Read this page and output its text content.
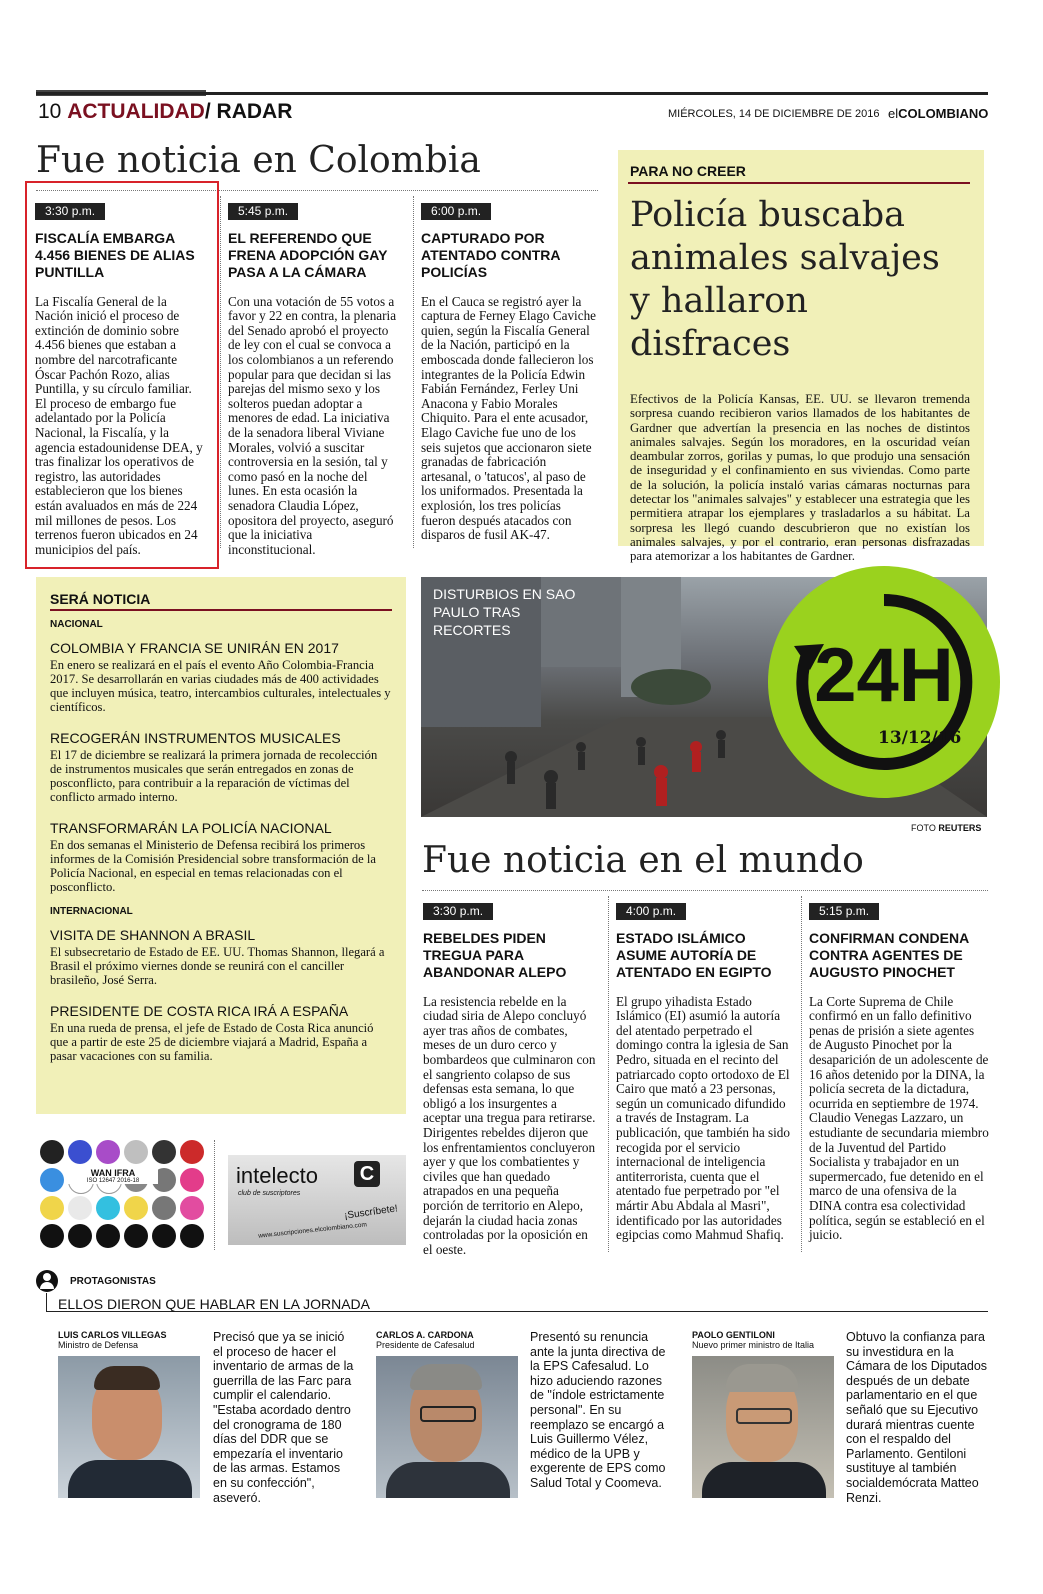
10 ACTUALIDAD/ RADAR	MIÉRCOLES, 14 DE DICIEMBRE DE 2016 elCOLOMBIANO
Fue noticia en Colombia
3:30 p.m.
FISCALÍA EMBARGA 4.456 BIENES DE ALIAS PUNTILLA

La Fiscalía General de la Nación inició el proceso de extinción de dominio sobre 4.456 bienes que estaban a nombre del narcotraficante Óscar Pachón Rozo, alias Puntilla, y su círculo familiar. El proceso de embargo fue adelantado por la Policía Nacional, la Fiscalía, y la agencia estadounidense DEA, y tras finalizar los operativos de registro, las autoridades establecieron que los bienes están avaluados en más de 224 mil millones de pesos. Los terrenos fueron ubicados en 24 municipios del país.

5:45 p.m.
EL REFERENDO QUE FRENA ADOPCIÓN GAY PASA A LA CÁMARA

Con una votación de 55 votos a favor y 22 en contra, la plenaria del Senado aprobó el proyecto de ley con el cual se convoca a los colombianos a un referendo popular para que decidan si las parejas del mismo sexo y los solteros puedan adoptar a menores de edad. La iniciativa de la senadora liberal Viviane Morales, volvió a suscitar controversia en la sesión, tal y como pasó en la noche del lunes. En esta ocasión la senadora Claudia López, opositora del proyecto, aseguró que la iniciativa inconstitucional.

6:00 p.m.
CAPTURADO POR ATENTADO CONTRA POLICÍAS

En el Cauca se registró ayer la captura de Ferney Elago Caviche quien, según la Fiscalía General de la Nación, participó en la emboscada donde fallecieron los integrantes de la Policía Edwin Fabián Fernández, Ferley Uni Anacona y Fabio Morales Chiquito. Para el ente acusador, Elago Caviche fue uno de los seis sujetos que accionaron siete granadas de fabricación artesanal, o 'tatucos', al paso de los uniformados. Presentada la explosión, los tres policías fueron después atacados con disparos de fusil AK-47.

PARA NO CREER
Policía buscaba animales salvajes y hallaron disfraces
Efectivos de la Policía Kansas, EE. UU. se llevaron tremenda sorpresa cuando recibieron varios llamados de los habitantes de Gardner que advertían la presencia en las noches de distintos animales salvajes. Según los moradores, en la oscuridad veían deambular zorros, gorilas y pumas, lo que produjo una sensación de inseguridad y el confinamiento en sus viviendas. Como parte de la solución, la policía instaló varias cámaras nocturnas para detectar los "animales salvajes" y establecer una estrategia que les permitiera atrapar los ejemplares y trasladarlos a su hábitat. La sorpresa les llegó cuando descubrieron que no existían los animales salvajes, y por el contrario, eran personas disfrazadas para atemorizar a los habitantes de Gardner.
SERÁ NOTICIA
NACIONAL
COLOMBIA Y FRANCIA SE UNIRÁN EN 2017

En enero se realizará en el país el evento Año Colombia-Francia 2017. Se desarrollarán en varias ciudades más de 400 actividades que incluyen música, teatro, intercambios culturales, intelectuales y científicos.

RECOGERÁN INSTRUMENTOS MUSICALES

El 17 de diciembre se realizará la primera jornada de recolección de instrumentos musicales que serán entregados en zonas de posconflicto, para contribuir a la reparación de víctimas del conflicto armado interno.

TRANSFORMARÁN LA POLICÍA NACIONAL

En dos semanas el Ministerio de Defensa recibirá los primeros informes de la Comisión Presidencial sobre transformación de la Policía Nacional, en especial en temas relacionadas con el posconflicto.

INTERNACIONAL
VISITA DE SHANNON A BRASIL

El subsecretario de Estado de EE. UU. Thomas Shannon, llegará a Brasil el próximo viernes donde se reunirá con el canciller brasileño, José Serra.

PRESIDENTE DE COSTA RICA IRÁ A ESPAÑA

En una rueda de prensa, el jefe de Estado de Costa Rica anunció que a partir de este 25 de diciembre viajará a Madrid, España a pasar vacaciones con su familia.

DISTURBIOS EN SAO PAULO TRAS RECORTES
24H
13/12/16
FOTO REUTERS
Fue noticia en el mundo
3:30 p.m.
REBELDES PIDEN TREGUA PARA ABANDONAR ALEPO

La resistencia rebelde en la ciudad siria de Alepo concluyó ayer tras años de combates, meses de un duro cerco y bombardeos que culminaron con el sangriento colapso de sus defensas esta semana, lo que obligó a los insurgentes a aceptar una tregua para retirarse. Dirigentes rebeldes dijeron que los enfrentamientos concluyeron ayer y que los combatientes y civiles que han quedado atrapados en una pequeña porción de territorio en Alepo, dejarán la ciudad hacia zonas controladas por la oposición en el oeste.

4:00 p.m.
ESTADO ISLÁMICO ASUME AUTORÍA DE ATENTADO EN EGIPTO

El grupo yihadista Estado Islámico (EI) asumió la autoría del atentado perpetrado el domingo contra la iglesia de San Pedro, situada en el recinto del patriarcado copto ortodoxo de El Cairo que mató a 23 personas, según un comunicado difundido a través de Instagram. La publicación, que también ha sido recogida por el servicio internacional de inteligencia antiterrorista, cuenta que el atentado fue perpetrado por "el mártir Abu Abdala al Masri", identificado por las autoridades egipcias como Mahmud Shafiq.

5:15 p.m.
CONFIRMAN CONDENA CONTRA AGENTES DE AUGUSTO PINOCHET

La Corte Suprema de Chile confirmó en un fallo definitivo penas de prisión a siete agentes de Augusto Pinochet por la desaparición de un adolescente de 16 años detenido por la DINA, la policía secreta de la dictadura, ocurrida en septiembre de 1974. Claudio Venegas Lazzaro, un estudiante de secundaria miembro de la Juventud del Partido Socialista y trabajador en un supermercado, fue detenido en el marco de una ofensiva de la DINA contra esa colectividad política, según se estableció en el juicio.

WAN IFRA
ISO 12647 2016-18	intelecto C
club de suscriptores
¡Suscríbete!
www.suscripciones.elcolombiano.com
PROTAGONISTAS
ELLOS DIERON QUE HABLAR EN LA JORNADA
LUIS CARLOS VILLEGAS
Ministro de Defensa
Precisó que ya se inició el proceso de hacer el inventario de armas de la guerrilla de las Farc para cumplir el calendario. "Estaba acordado dentro del cronograma de 180 días del DDR que se empezaría el inventario de las armas. Estamos en su confección", aseveró.
CARLOS A. CARDONA
Presidente de Cafesalud
Presentó su renuncia ante la junta directiva de la EPS Cafesalud. Lo hizo aduciendo razones de "índole estrictamente personal". En su reemplazo se encargó a Luis Guillermo Vélez, médico de la UPB y exgerente de EPS como Salud Total y Coomeva.
PAOLO GENTILONI
Nuevo primer ministro de Italia
Obtuvo la confianza para su investidura en la Cámara de los Diputados después de un debate parlamentario en el que señaló que su Ejecutivo durará mientras cuente con el respaldo del Parlamento. Gentiloni sustituye al también socialdemócrata Matteo Renzi.
